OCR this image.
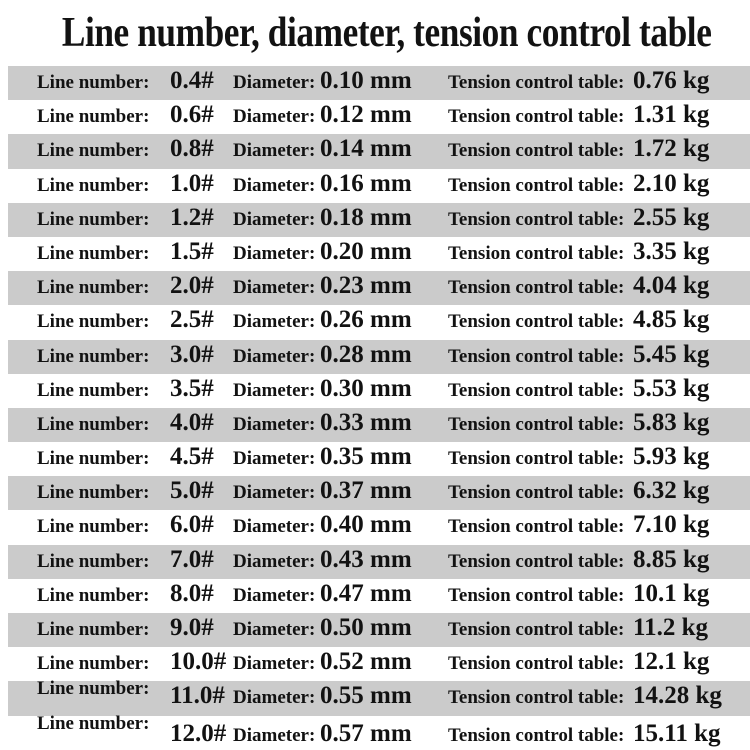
Line number, diameter, tension control table
Line number: 0.4# Diameter: 0.10 mm Tension control table: 0.76 kg
Line number: 0.6# Diameter: 0.12 mm Tension control table: 1.31 kg
Line number: 0.8# Diameter: 0.14 mm Tension control table: 1.72 kg
Line number: 1.0# Diameter: 0.16 mm Tension control table: 2.10 kg
Line number: 1.2# Diameter: 0.18 mm Tension control table: 2.55 kg
Line number: 1.5# Diameter: 0.20 mm Tension control table: 3.35 kg
Line number: 2.0# Diameter: 0.23 mm Tension control table: 4.04 kg
Line number: 2.5# Diameter: 0.26 mm Tension control table: 4.85 kg
Line number: 3.0# Diameter: 0.28 mm Tension control table: 5.45 kg
Line number: 3.5# Diameter: 0.30 mm Tension control table: 5.53 kg
Line number: 4.0# Diameter: 0.33 mm Tension control table: 5.83 kg
Line number: 4.5# Diameter: 0.35 mm Tension control table: 5.93 kg
Line number: 5.0# Diameter: 0.37 mm Tension control table: 6.32 kg
Line number: 6.0# Diameter: 0.40 mm Tension control table: 7.10 kg
Line number: 7.0# Diameter: 0.43 mm Tension control table: 8.85 kg
Line number: 8.0# Diameter: 0.47 mm Tension control table: 10.1 kg
Line number: 9.0# Diameter: 0.50 mm Tension control table: 11.2 kg
Line number: 10.0# Diameter: 0.52 mm Tension control table: 12.1 kg
Line number: 11.0# Diameter: 0.55 mm Tension control table: 14.28 kg
Line number: 12.0# Diameter: 0.57 mm Tension control table: 15.11 kg
